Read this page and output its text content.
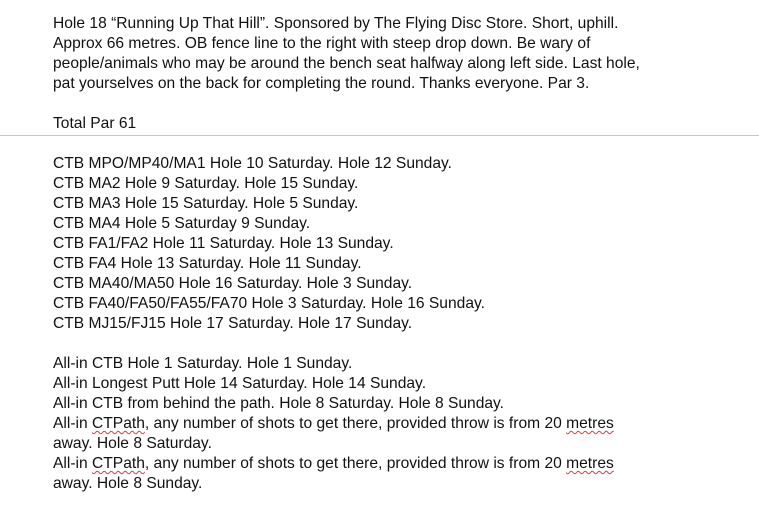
Hole 18 “Running Up That Hill”. Sponsored by The Flying Disc Store. Short, uphill.

Approx 66 metres. OB fence line to the right with steep drop down. Be wary of

people/animals who may be around the bench seat halfway along left side. Last hole,

pat yourselves on the back for completing the round. Thanks everyone. Par 3.

Total Par 61

CTB MPO/MP40/MA1 Hole 10 Saturday. Hole 12 Sunday.

CTB MA2 Hole 9 Saturday. Hole 15 Sunday.

CTB MA3 Hole 15 Saturday. Hole 5 Sunday.

CTB MA4 Hole 5 Saturday 9 Sunday.

CTB FA1/FA2 Hole 11 Saturday. Hole 13 Sunday.

CTB FA4 Hole 13 Saturday. Hole 11 Sunday.

CTB MA40/MA50 Hole 16 Saturday. Hole 3 Sunday.

CTB FA40/FA50/FA55/FA70 Hole 3 Saturday. Hole 16 Sunday.

CTB MJ15/FJ15 Hole 17 Saturday. Hole 17 Sunday.

All-in CTB Hole 1 Saturday. Hole 1 Sunday.

All-in Longest Putt Hole 14 Saturday. Hole 14 Sunday.

All-in CTB from behind the path. Hole 8 Saturday. Hole 8 Sunday.

All-in CTPath, any number of shots to get there, provided throw is from 20 metres

away. Hole 8 Saturday.

All-in CTPath, any number of shots to get there, provided throw is from 20 metres

away. Hole 8 Sunday.
